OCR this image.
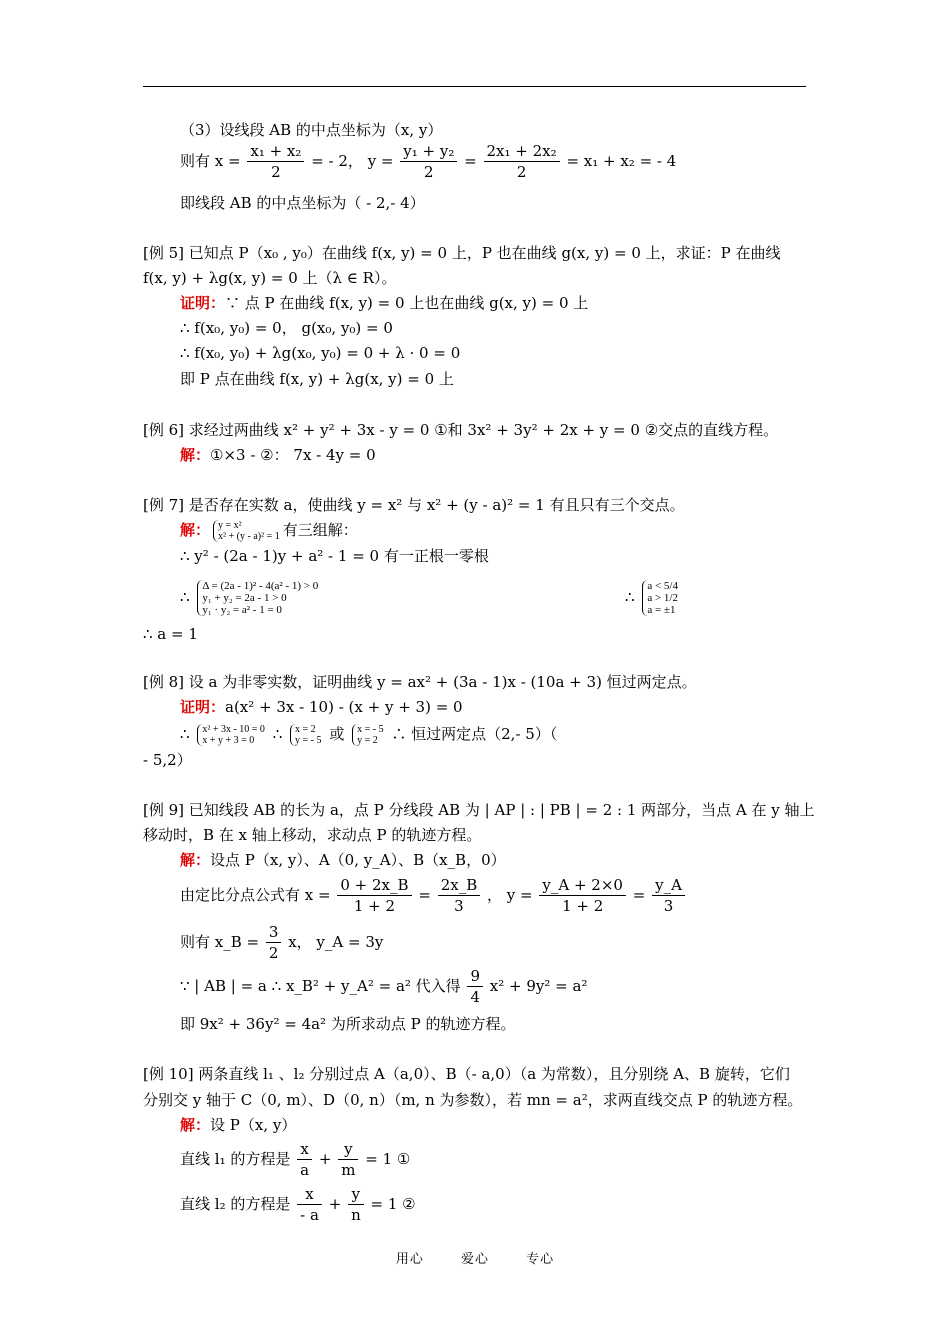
（3）设线段 AB 的中点坐标为（x, y）
则有 $x = \frac{\text{x₁ + x₂}}{2}$ = - 2， $y = \frac{\text{y₁ + y₂}}{2} = \frac{\text{2x₁ + 2x₂}}{2} = x_1 + x_2$ = - 4
即线段 AB 的中点坐标为（ - 2,- 4）
[例 5] 已知点 P（x₀ , y₀）在曲线 f(x, y) = 0 上，P 也在曲线 g(x, y) = 0 上，求证：P 在曲线
f(x, y) + λg(x, y) = 0 上（λ ∈ R）。
证明：∵ 点 P 在曲线 f(x, y) = 0 上也在曲线 g(x, y) = 0 上
∴ f(x₀, y₀) = 0， g(x₀, y₀) = 0
∴ f(x₀, y₀) + λg(x₀, y₀) = 0 + λ · 0 = 0
即 P 点在曲线 f(x, y) + λg(x, y) = 0 上
[例 6] 求经过两曲线 x² + y² + 3x - y = 0 ①和 3x² + 3y² + 2x + y = 0 ②交点的直线方程。
解：①×3 - ②： 7x - 4y = 0
[例 7] 是否存在实数 a，使曲线 y = x² 与 x² + (y - a)² = 1 有且只有三个交点。
解： y = x²
x² + (y - a)² = 1 有三组解：
∴ y² - (2a - 1)y + a² - 1 = 0 有一正根一零根
∴
Δ = (2a - 1)² - 4(a² - 1) > 0
y₁ + y₂ = 2a - 1 > 0
y₁ · y₂ = a² - 1 = 0
∴
a < 5/4
a > 1/2
a = ±1
∴ a = 1
[例 8] 设 a 为非零实数，证明曲线 y = ax² + (3a - 1)x - (10a + 3) 恒过两定点。
证明：a(x² + 3x - 10) - (x + y + 3) = 0
∴ x² + 3x - 10 = 0
x + y + 3 = 0	∴ x = 2
y = - 5 或 x = - 5
y = 2 ∴ 恒过两定点（2,- 5）（
- 5,2）
[例 9] 已知线段 AB 的长为 a，点 P 分线段 AB 为 | AP | : | PB | = 2 : 1 两部分，当点 A 在 y 轴上
移动时，B 在 x 轴上移动，求动点 P 的轨迹方程。
解：设点 P（x, y）、A（0, y_A）、B（x_B，0）
由定比分点公式有 $x = \frac{0 + 2x\_B}{1 + 2} = \frac{2x\_B}{3}$ ， $y = \frac{y\_A + 2\times 0}{1 + 2} = \frac{y\_A}{3}$
则有 x_B = $\frac{3}{2}$ x， y_A = 3y
∵ | AB | = a ∴ x_B² + y_A² = a² 代入得 $\frac{9}{4} x^2 + 9y^2 = a^2$
即 9x² + 36y² = 4a² 为所求动点 P 的轨迹方程。
[例 10] 两条直线 l₁ 、l₂ 分别过点 A（a,0）、B（- a,0）（a 为常数），且分别绕 A、B 旋转，它们
分别交 y 轴于 C（0, m）、D（0, n）（m, n 为参数），若 mn = a²，求两直线交点 P 的轨迹方程。
解：设 P（x, y）
直线 l₁ 的方程是 $\frac{x}{a} + \frac{y}{m} = 1$ ①
直线 l₂ 的方程是 $\frac{x}{- a} + \frac{y}{n} = 1$ ②
用心	爱心	专心
